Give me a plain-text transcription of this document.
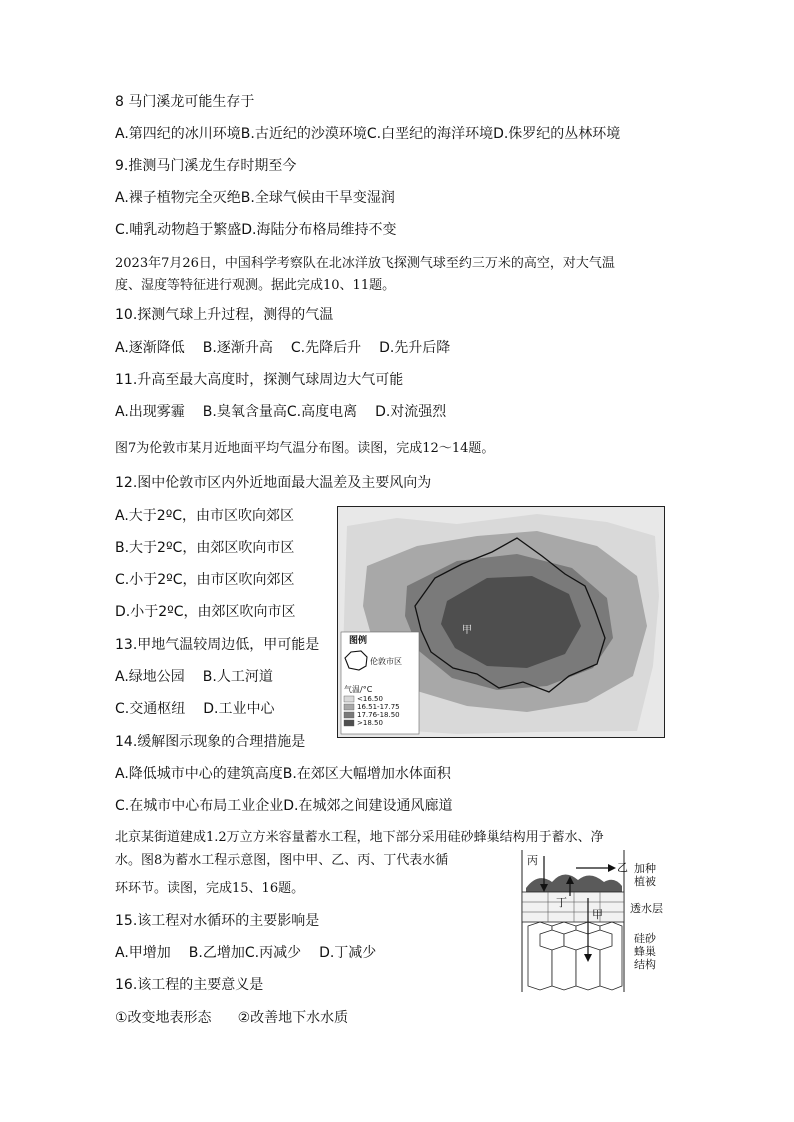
8 马门溪龙可能生存于
A.第四纪的冰川环境B.古近纪的沙漠环境C.白垩纪的海洋环境D.侏罗纪的丛林环境
9.推测马门溪龙生存时期至今
A.裸子植物完全灭绝B.全球气候由干旱变湿润
C.哺乳动物趋于繁盛D.海陆分布格局维持不变
2023年7月26日，中国科学考察队在北冰洋放飞探测气球至约三万米的高空，对大气温
度、湿度等特征进行观测。据此完成10、11题。
10.探测气球上升过程，测得的气温
A.逐渐降低 B.逐渐升高 C.先降后升 D.先升后降
11.升高至最大高度时，探测气球周边大气可能
A.出现雾霾 B.臭氧含量高C.高度电离 D.对流强烈
图7为伦敦市某月近地面平均气温分布图。读图，完成12～14题。
12.图中伦敦市区内外近地面最大温差及主要风向为
A.大于2ºC，由市区吹向郊区
B.大于2ºC，由郊区吹向市区
C.小于2ºC，由市区吹向郊区
D.小于2ºC，由郊区吹向市区
13.甲地气温较周边低，甲可能是
A.绿地公园 B.人工河道
C.交通枢纽 D.工业中心
14.缓解图示现象的合理措施是
A.降低城市中心的建筑高度B.在郊区大幅增加水体面积
C.在城市中心布局工业企业D.在城郊之间建设通风廊道
北京某街道建成1.2万立方米容量蓄水工程，地下部分采用硅砂蜂巢结构用于蓄水、净
水。图8为蓄水工程示意图，图中甲、乙、丙、丁代表水循
环环节。读图，完成15、16题。
15.该工程对水循环的主要影响是
A.甲增加 B.乙增加C.丙减少 D.丁减少
16.该工程的主要意义是
①改变地表形态 ②改善地下水水质
甲
图例
伦敦市区
气温/°C
<16.50
16.51-17.75
17.76-18.50
>18.50
丙
乙
丁
甲
加种
植被
透水层
硅砂
蜂巢
结构
